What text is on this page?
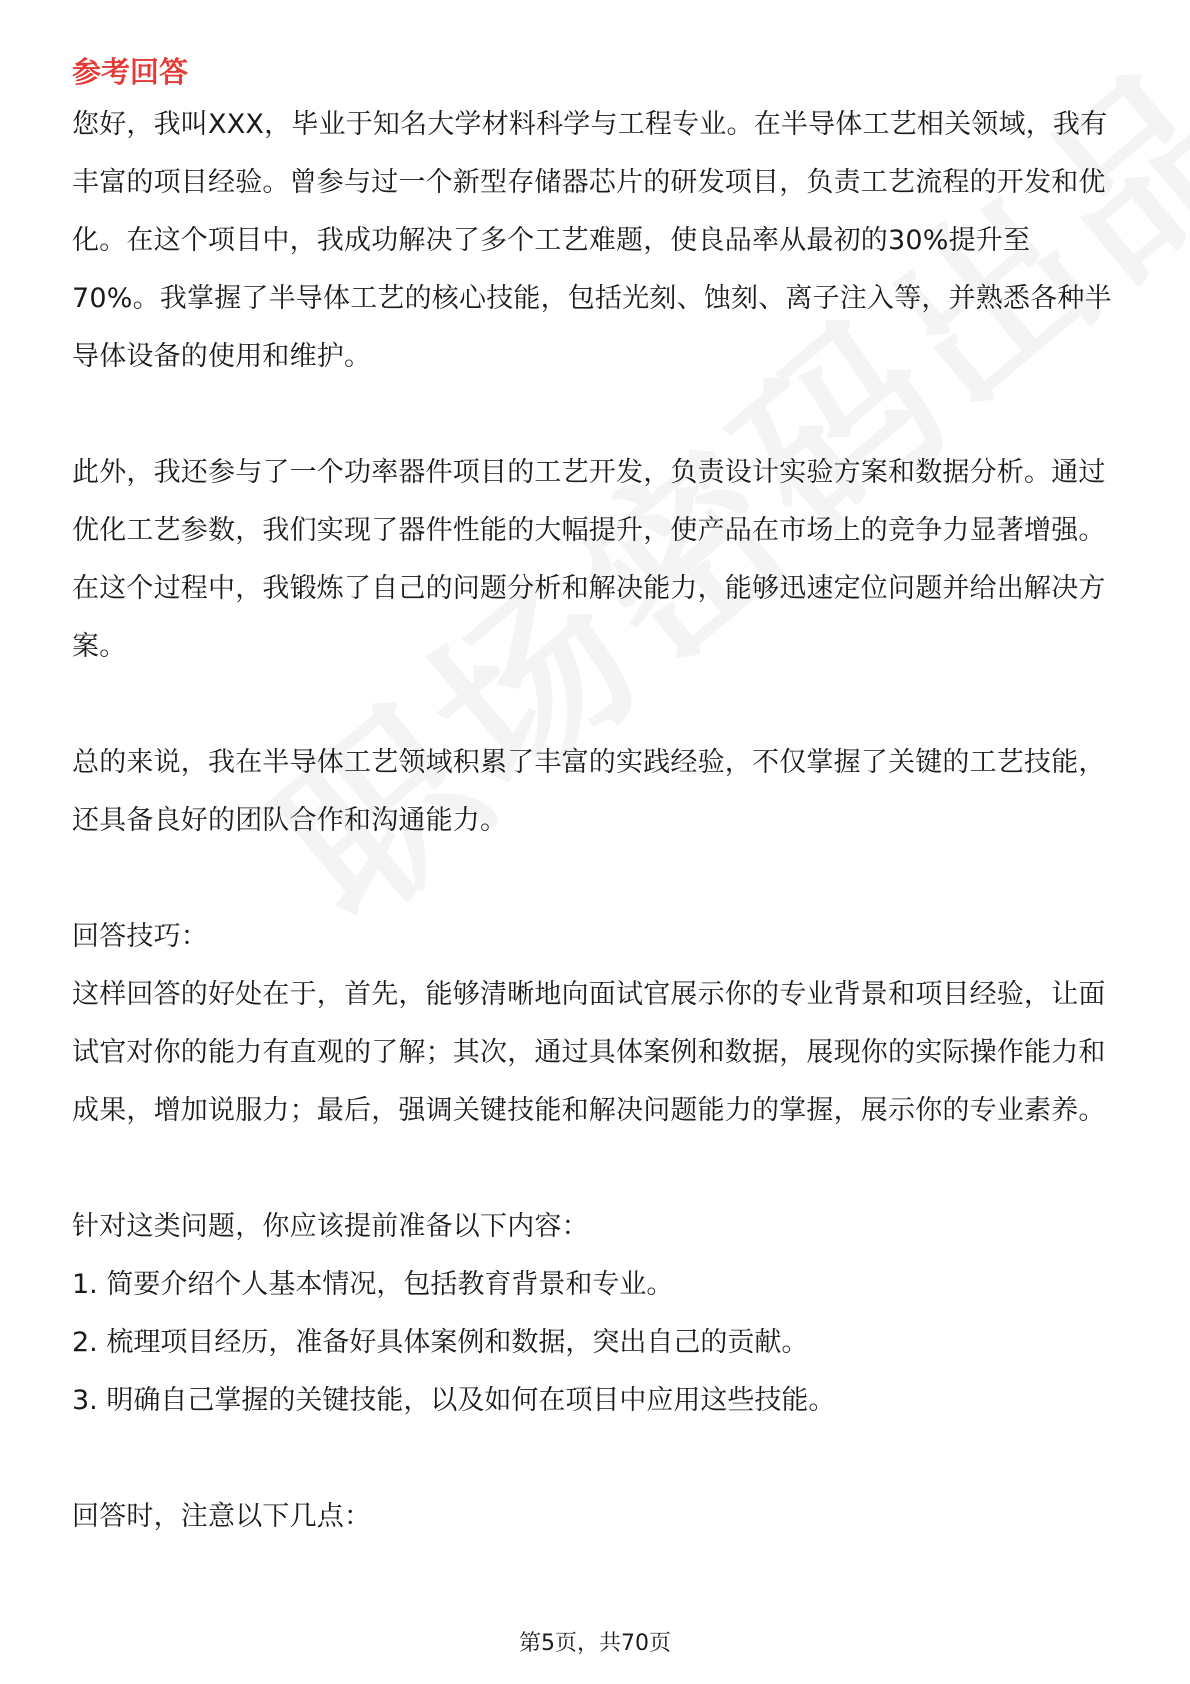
参考回答

您好，我叫XXX，毕业于知名大学材料科学与工程专业。在半导体工艺相关领域，我有丰富的项目经验。曾参与过一个新型存储器芯片的研发项目，负责工艺流程的开发和优化。在这个项目中，我成功解决了多个工艺难题，使良品率从最初的30%提升至70%。我掌握了半导体工艺的核心技能，包括光刻、蚀刻、离子注入等，并熟悉各种半导体设备的使用和维护。

此外，我还参与了一个功率器件项目的工艺开发，负责设计实验方案和数据分析。通过优化工艺参数，我们实现了器件性能的大幅提升，使产品在市场上的竞争力显著增强。在这个过程中，我锻炼了自己的问题分析和解决能力，能够迅速定位问题并给出解决方案。

总的来说，我在半导体工艺领域积累了丰富的实践经验，不仅掌握了关键的工艺技能，还具备良好的团队合作和沟通能力。

回答技巧：

这样回答的好处在于，首先，能够清晰地向面试官展示你的专业背景和项目经验，让面试官对你的能力有直观的了解；其次，通过具体案例和数据，展现你的实际操作能力和成果，增加说服力；最后，强调关键技能和解决问题能力的掌握，展示你的专业素养。

针对这类问题，你应该提前准备以下内容：

1. 简要介绍个人基本情况，包括教育背景和专业。

2. 梳理项目经历，准备好具体案例和数据，突出自己的贡献。

3. 明确自己掌握的关键技能，以及如何在项目中应用这些技能。

回答时，注意以下几点：

第5页，共70页
